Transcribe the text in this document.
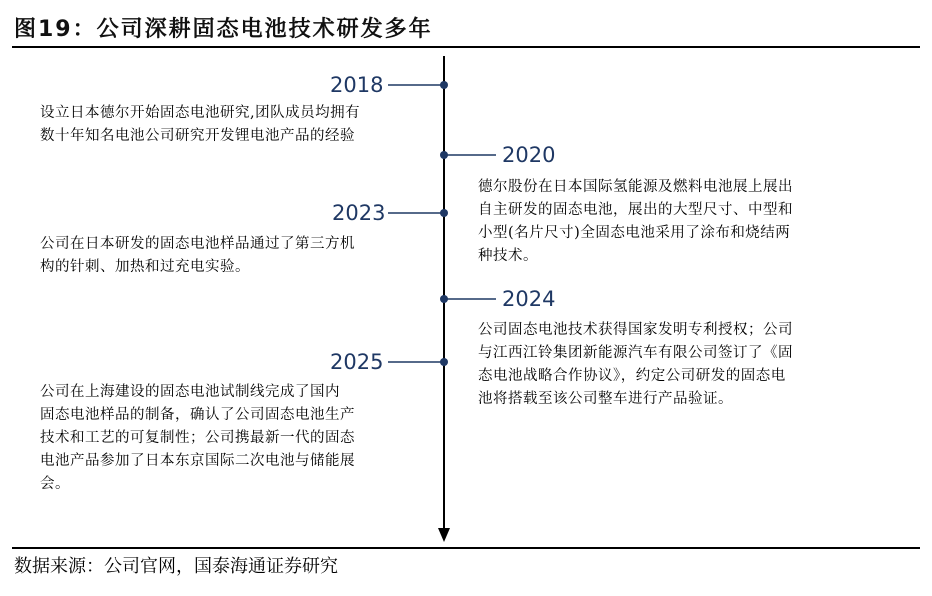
图19：公司深耕固态电池技术研发多年
2018
设立日本德尔开始固态电池研究,团队成员均拥有
数十年知名电池公司研究开发锂电池产品的经验
2020
德尔股份在日本国际氢能源及燃料电池展上展出
自主研发的固态电池，展出的大型尺寸、中型和
小型(名片尺寸)全固态电池采用了涂布和烧结两
种技术。
2023
公司在日本研发的固态电池样品通过了第三方机
构的针刺、加热和过充电实验。
2024
公司固态电池技术获得国家发明专利授权；公司
与江西江铃集团新能源汽车有限公司签订了《固
态电池战略合作协议》，约定公司研发的固态电
池将搭载至该公司整车进行产品验证。
2025
公司在上海建设的固态电池试制线完成了国内
固态电池样品的制备，确认了公司固态电池生产
技术和工艺的可复制性；公司携最新一代的固态
电池产品参加了日本东京国际二次电池与储能展
会。
数据来源：公司官网，国泰海通证券研究
